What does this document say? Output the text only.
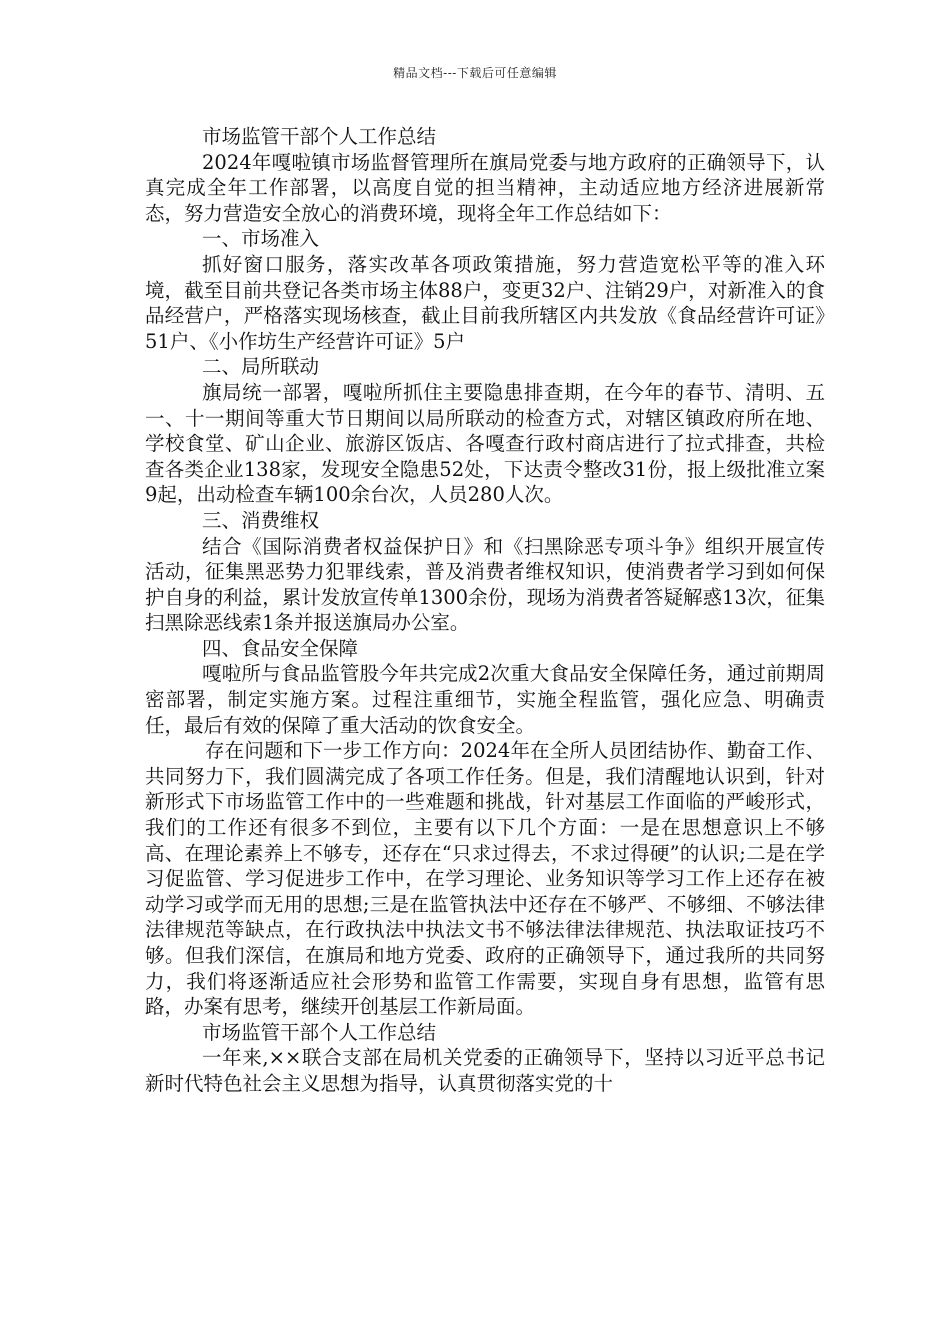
精品文档---下载后可任意编辑

市场监管干部个人工作总结

2024年嘎啦镇市场监督管理所在旗局党委与地方政府的正确领导下，认真完成全年工作部署，以高度自觉的担当精神，主动适应地方经济进展新常态，努力营造安全放心的消费环境，现将全年工作总结如下：

一、市场准入

抓好窗口服务，落实改革各项政策措施，努力营造宽松平等的准入环境，截至目前共登记各类市场主体88户，变更32户、注销29户，对新准入的食品经营户，严格落实现场核查，截止目前我所辖区内共发放《食品经营许可证》51户、《小作坊生产经营许可证》5户

二、局所联动

旗局统一部署，嘎啦所抓住主要隐患排查期，在今年的春节、清明、五一、十一期间等重大节日期间以局所联动的检查方式，对辖区镇政府所在地、学校食堂、矿山企业、旅游区饭店、各嘎查行政村商店进行了拉式排查，共检查各类企业138家，发现安全隐患52处，下达责令整改31份，报上级批准立案9起，出动检查车辆100余台次，人员280人次。

三、消费维权

结合《国际消费者权益保护日》和《扫黑除恶专项斗争》组织开展宣传活动，征集黑恶势力犯罪线索，普及消费者维权知识，使消费者学习到如何保护自身的利益，累计发放宣传单1300余份，现场为消费者答疑解惑13次，征集扫黑除恶线索1条并报送旗局办公室。

四、食品安全保障

嘎啦所与食品监管股今年共完成2次重大食品安全保障任务，通过前期周密部署，制定实施方案。过程注重细节，实施全程监管，强化应急、明确责任，最后有效的保障了重大活动的饮食安全。

存在问题和下一步工作方向：2024年在全所人员团结协作、勤奋工作、共同努力下，我们圆满完成了各项工作任务。但是，我们清醒地认识到，针对新形式下市场监管工作中的一些难题和挑战，针对基层工作面临的严峻形式，我们的工作还有很多不到位，主要有以下几个方面：一是在思想意识上不够高、在理论素养上不够专，还存在“只求过得去，不求过得硬”的认识;二是在学习促监管、学习促进步工作中，在学习理论、业务知识等学习工作上还存在被动学习或学而无用的思想;三是在监管执法中还存在不够严、不够细、不够法律法律规范等缺点，在行政执法中执法文书不够法律法律规范、执法取证技巧不够。但我们深信，在旗局和地方党委、政府的正确领导下，通过我所的共同努力，我们将逐渐适应社会形势和监管工作需要，实现自身有思想，监管有思路，办案有思考，继续开创基层工作新局面。

市场监管干部个人工作总结

一年来,××联合支部在局机关党委的正确领导下，坚持以习近平总书记新时代特色社会主义思想为指导，认真贯彻落实党的十
